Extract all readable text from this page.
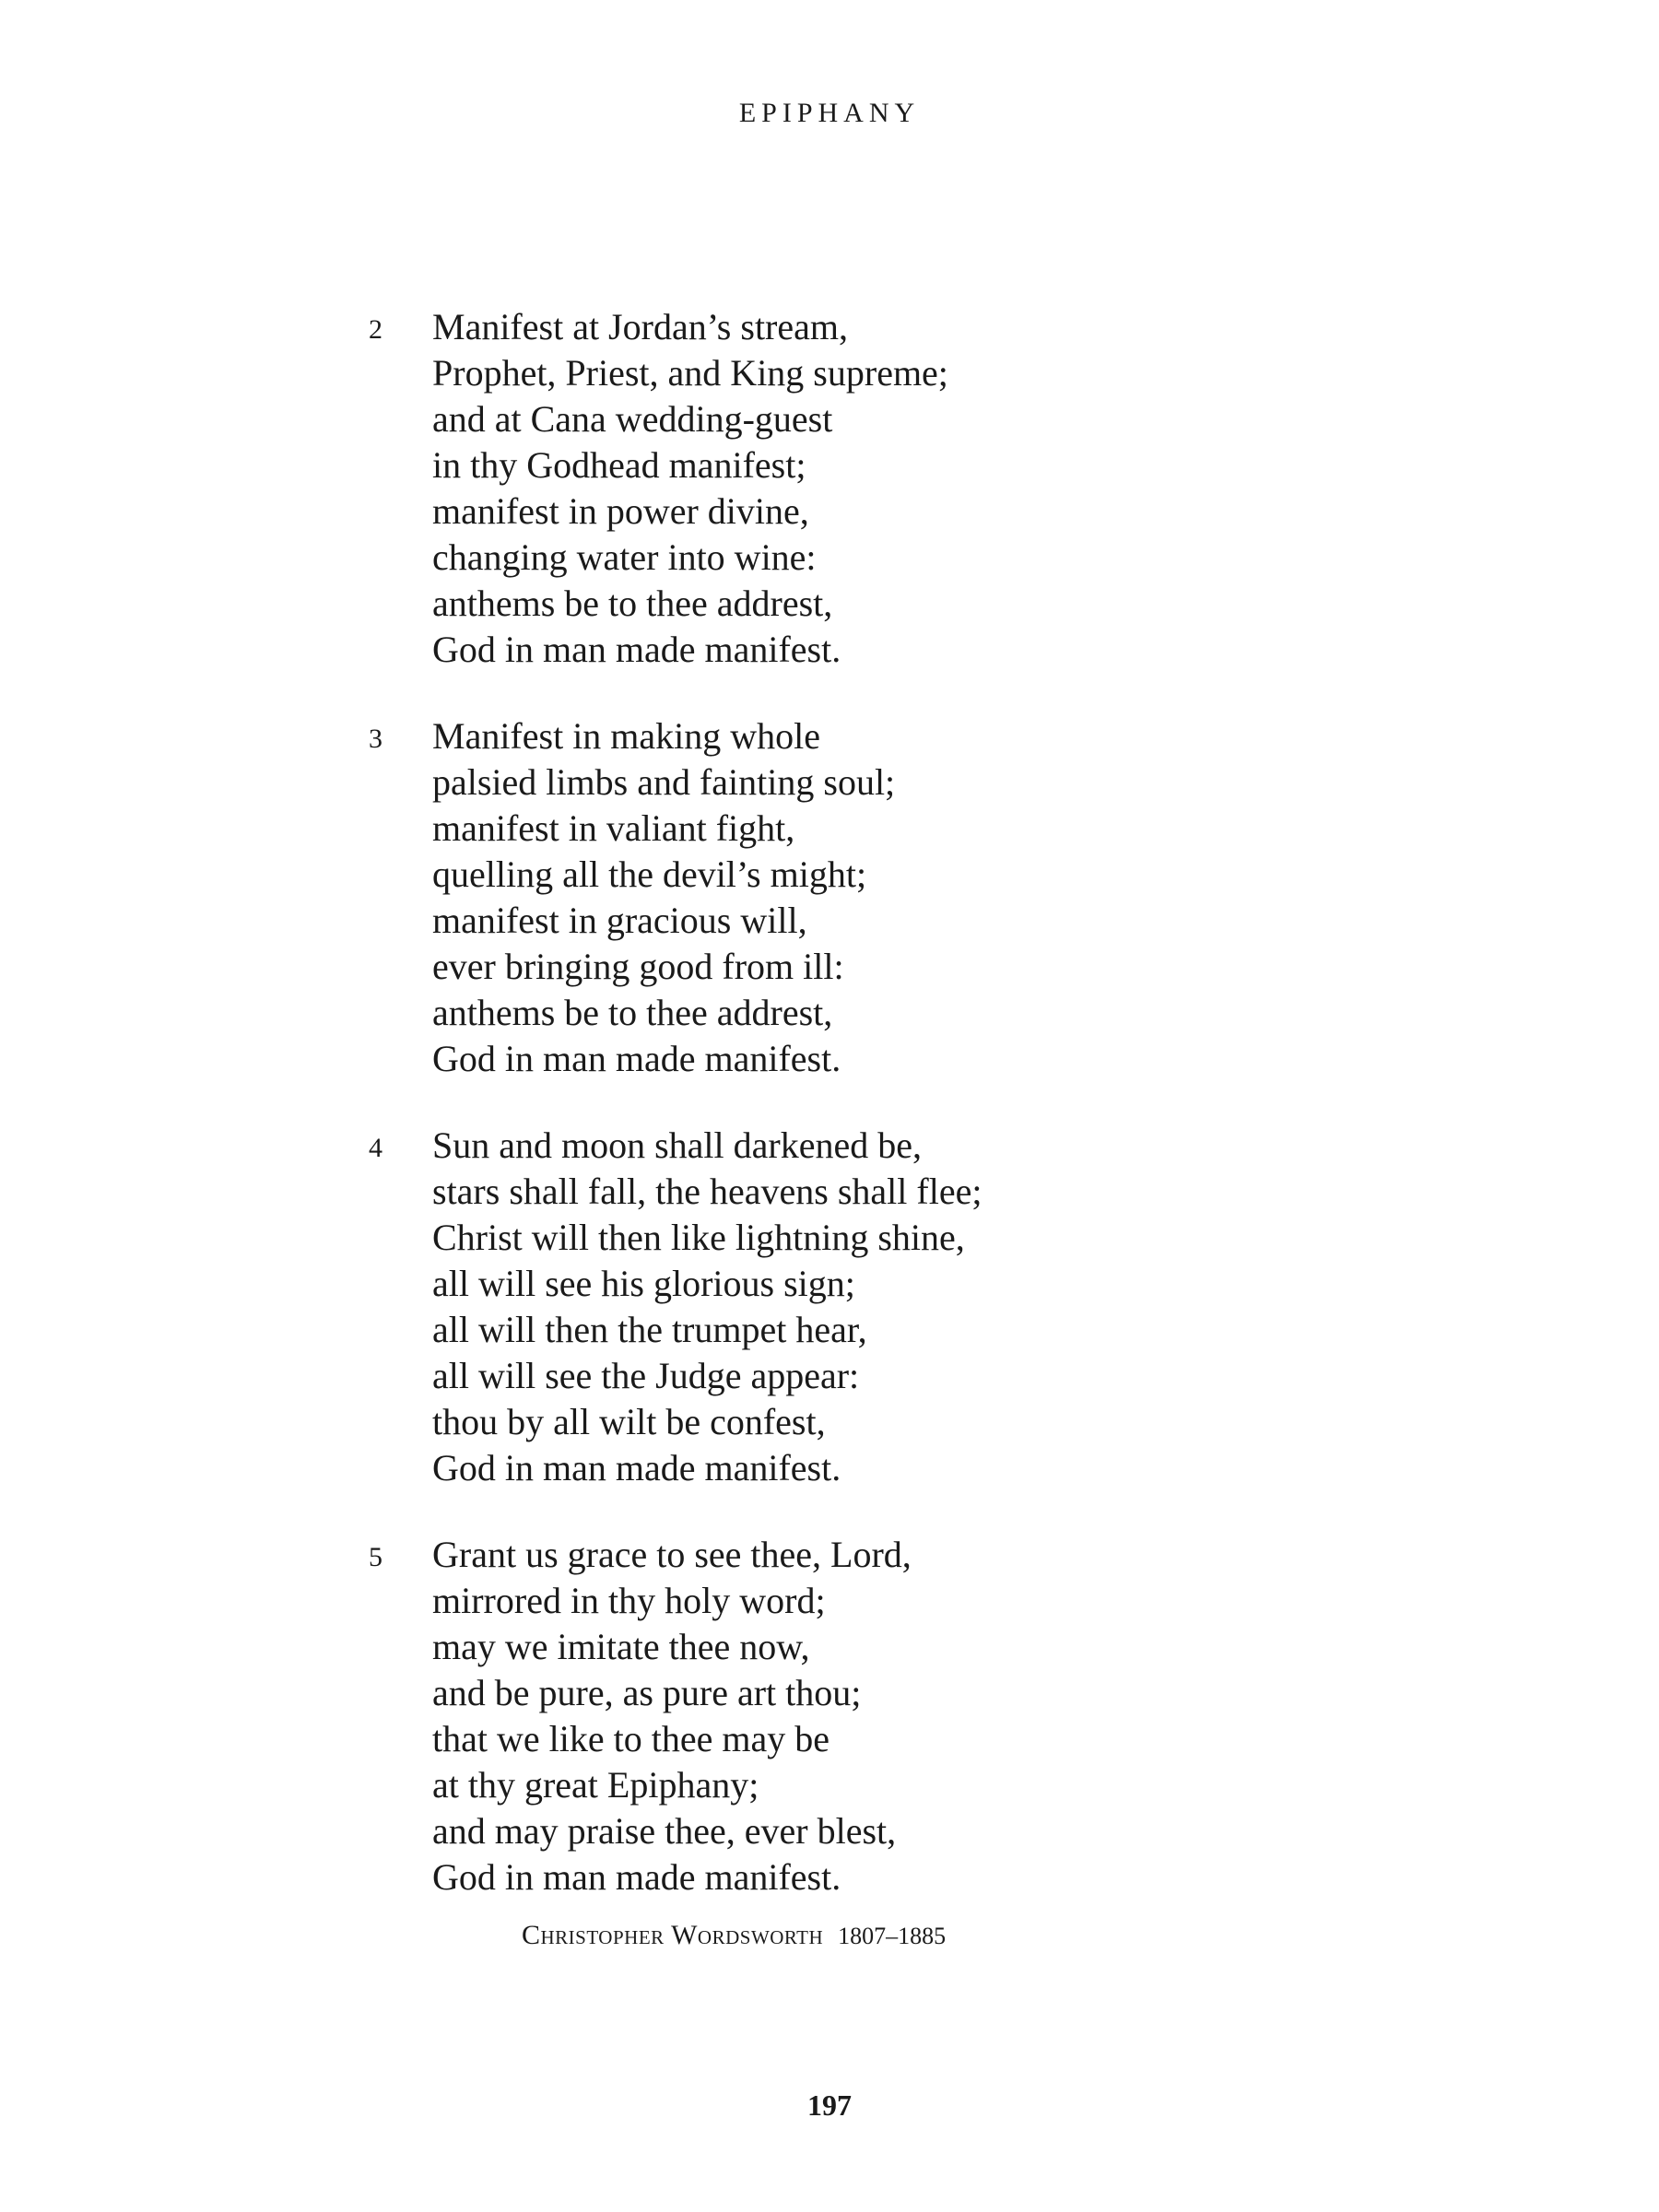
EPIPHANY
2 Manifest at Jordan’s stream,
Prophet, Priest, and King supreme;
and at Cana wedding-guest
in thy Godhead manifest;
manifest in power divine,
changing water into wine:
anthems be to thee addrest,
God in man made manifest.
3 Manifest in making whole
palsied limbs and fainting soul;
manifest in valiant fight,
quelling all the devil’s might;
manifest in gracious will,
ever bringing good from ill:
anthems be to thee addrest,
God in man made manifest.
4 Sun and moon shall darkened be,
stars shall fall, the heavens shall flee;
Christ will then like lightning shine,
all will see his glorious sign;
all will then the trumpet hear,
all will see the Judge appear:
thou by all wilt be confest,
God in man made manifest.
5 Grant us grace to see thee, Lord,
mirrored in thy holy word;
may we imitate thee now,
and be pure, as pure art thou;
that we like to thee may be
at thy great Epiphany;
and may praise thee, ever blest,
God in man made manifest.
Christopher Wordsworth 1807–1885
197
